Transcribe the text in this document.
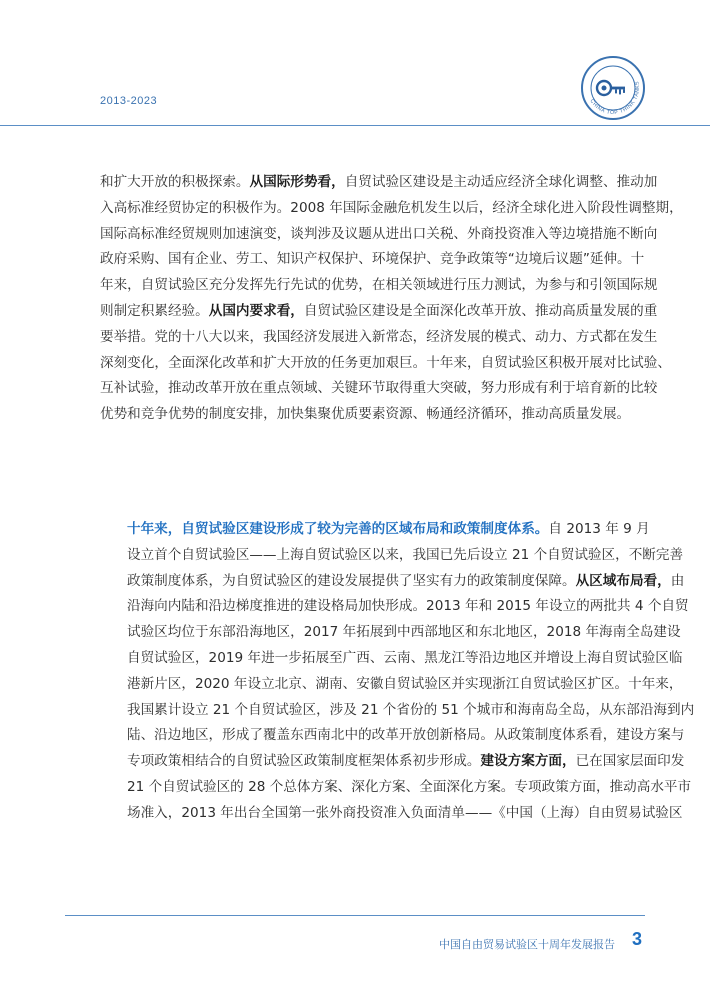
2013-2023	CHINA TOP THINK TANKS
和扩大开放的积极探索。从国际形势看，自贸试验区建设是主动适应经济全球化调整、推动加
入高标准经贸协定的积极作为。2008 年国际金融危机发生以后，经济全球化进入阶段性调整期，
国际高标准经贸规则加速演变，谈判涉及议题从进出口关税、外商投资准入等边境措施不断向
政府采购、国有企业、劳工、知识产权保护、环境保护、竞争政策等“边境后议题”延伸。十
年来，自贸试验区充分发挥先行先试的优势，在相关领域进行压力测试，为参与和引领国际规
则制定积累经验。从国内要求看，自贸试验区建设是全面深化改革开放、推动高质量发展的重
要举措。党的十八大以来，我国经济发展进入新常态，经济发展的模式、动力、方式都在发生
深刻变化，全面深化改革和扩大开放的任务更加艰巨。十年来，自贸试验区积极开展对比试验、
互补试验，推动改革开放在重点领域、关键环节取得重大突破，努力形成有利于培育新的比较
优势和竞争优势的制度安排，加快集聚优质要素资源、畅通经济循环，推动高质量发展。
十年来，自贸试验区建设形成了较为完善的区域布局和政策制度体系。自 2013 年 9 月
设立首个自贸试验区——上海自贸试验区以来，我国已先后设立 21 个自贸试验区，不断完善
政策制度体系，为自贸试验区的建设发展提供了坚实有力的政策制度保障。从区域布局看，由
沿海向内陆和沿边梯度推进的建设格局加快形成。2013 年和 2015 年设立的两批共 4 个自贸
试验区均位于东部沿海地区，2017 年拓展到中西部地区和东北地区，2018 年海南全岛建设
自贸试验区，2019 年进一步拓展至广西、云南、黑龙江等沿边地区并增设上海自贸试验区临
港新片区，2020 年设立北京、湖南、安徽自贸试验区并实现浙江自贸试验区扩区。十年来，
我国累计设立 21 个自贸试验区，涉及 21 个省份的 51 个城市和海南岛全岛，从东部沿海到内
陆、沿边地区，形成了覆盖东西南北中的改革开放创新格局。从政策制度体系看，建设方案与
专项政策相结合的自贸试验区政策制度框架体系初步形成。建设方案方面，已在国家层面印发
21 个自贸试验区的 28 个总体方案、深化方案、全面深化方案。专项政策方面，推动高水平市
场准入，2013 年出台全国第一张外商投资准入负面清单——《中国（上海）自由贸易试验区
中国自由贸易试验区十周年发展报告 3
